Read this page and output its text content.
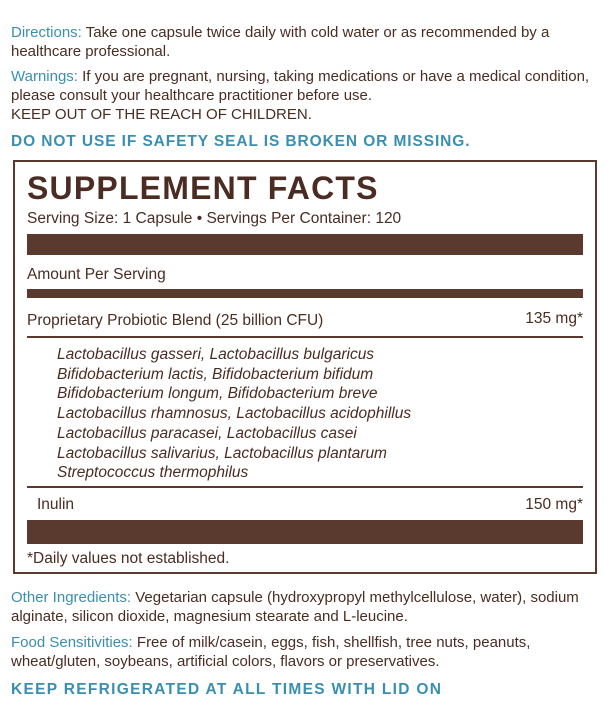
Directions: Take one capsule twice daily with cold water or as recommended by a healthcare professional.
Warnings: If you are pregnant, nursing, taking medications or have a medical condition, please consult your healthcare practitioner before use.
KEEP OUT OF THE REACH OF CHILDREN.
DO NOT USE IF SAFETY SEAL IS BROKEN OR MISSING.
SUPPLEMENT FACTS
Serving Size: 1 Capsule • Servings Per Container: 120
Amount Per Serving
Proprietary Probiotic Blend (25 billion CFU)	135 mg*
Lactobacillus gasseri, Lactobacillus bulgaricus
Bifidobacterium lactis, Bifidobacterium bifidum
Bifidobacterium longum, Bifidobacterium breve
Lactobacillus rhamnosus, Lactobacillus acidophillus
Lactobacillus paracasei, Lactobacillus casei
Lactobacillus salivarius, Lactobacillus plantarum
Streptococcus thermophilus
Inulin	150 mg*
*Daily values not established.
Other Ingredients: Vegetarian capsule (hydroxypropyl methylcellulose, water), sodium alginate, silicon dioxide, magnesium stearate and L-leucine.
Food Sensitivities: Free of milk/casein, eggs, fish, shellfish, tree nuts, peanuts, wheat/gluten, soybeans, artificial colors, flavors or preservatives.
KEEP REFRIGERATED AT ALL TIMES WITH LID ON
